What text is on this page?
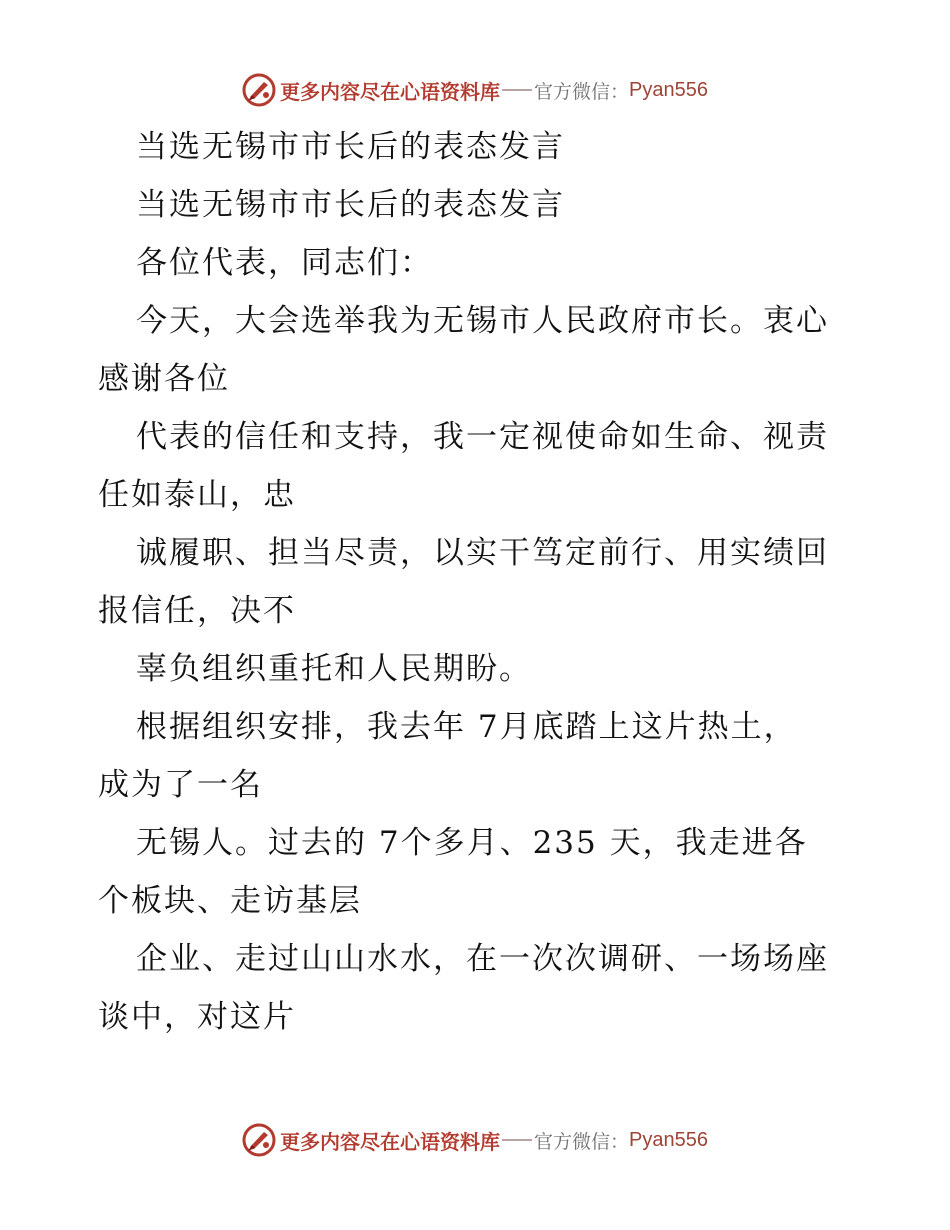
更多内容尽在心语资料库 官方微信： Pyan556
当选无锡市市长后的表态发言
当选无锡市市长后的表态发言
各位代表，同志们：
今天，大会选举我为无锡市人民政府市长。衷心
感谢各位
代表的信任和支持，我一定视使命如生命、视责
任如泰山，忠
诚履职、担当尽责，以实干笃定前行、用实绩回
报信任，决不
辜负组织重托和人民期盼。
根据组织安排，我去年 7月底踏上这片热土，
成为了一名
无锡人。过去的 7个多月、235 天，我走进各
个板块、走访基层
企业、走过山山水水，在一次次调研、一场场座
谈中，对这片
更多内容尽在心语资料库 官方微信： Pyan556
